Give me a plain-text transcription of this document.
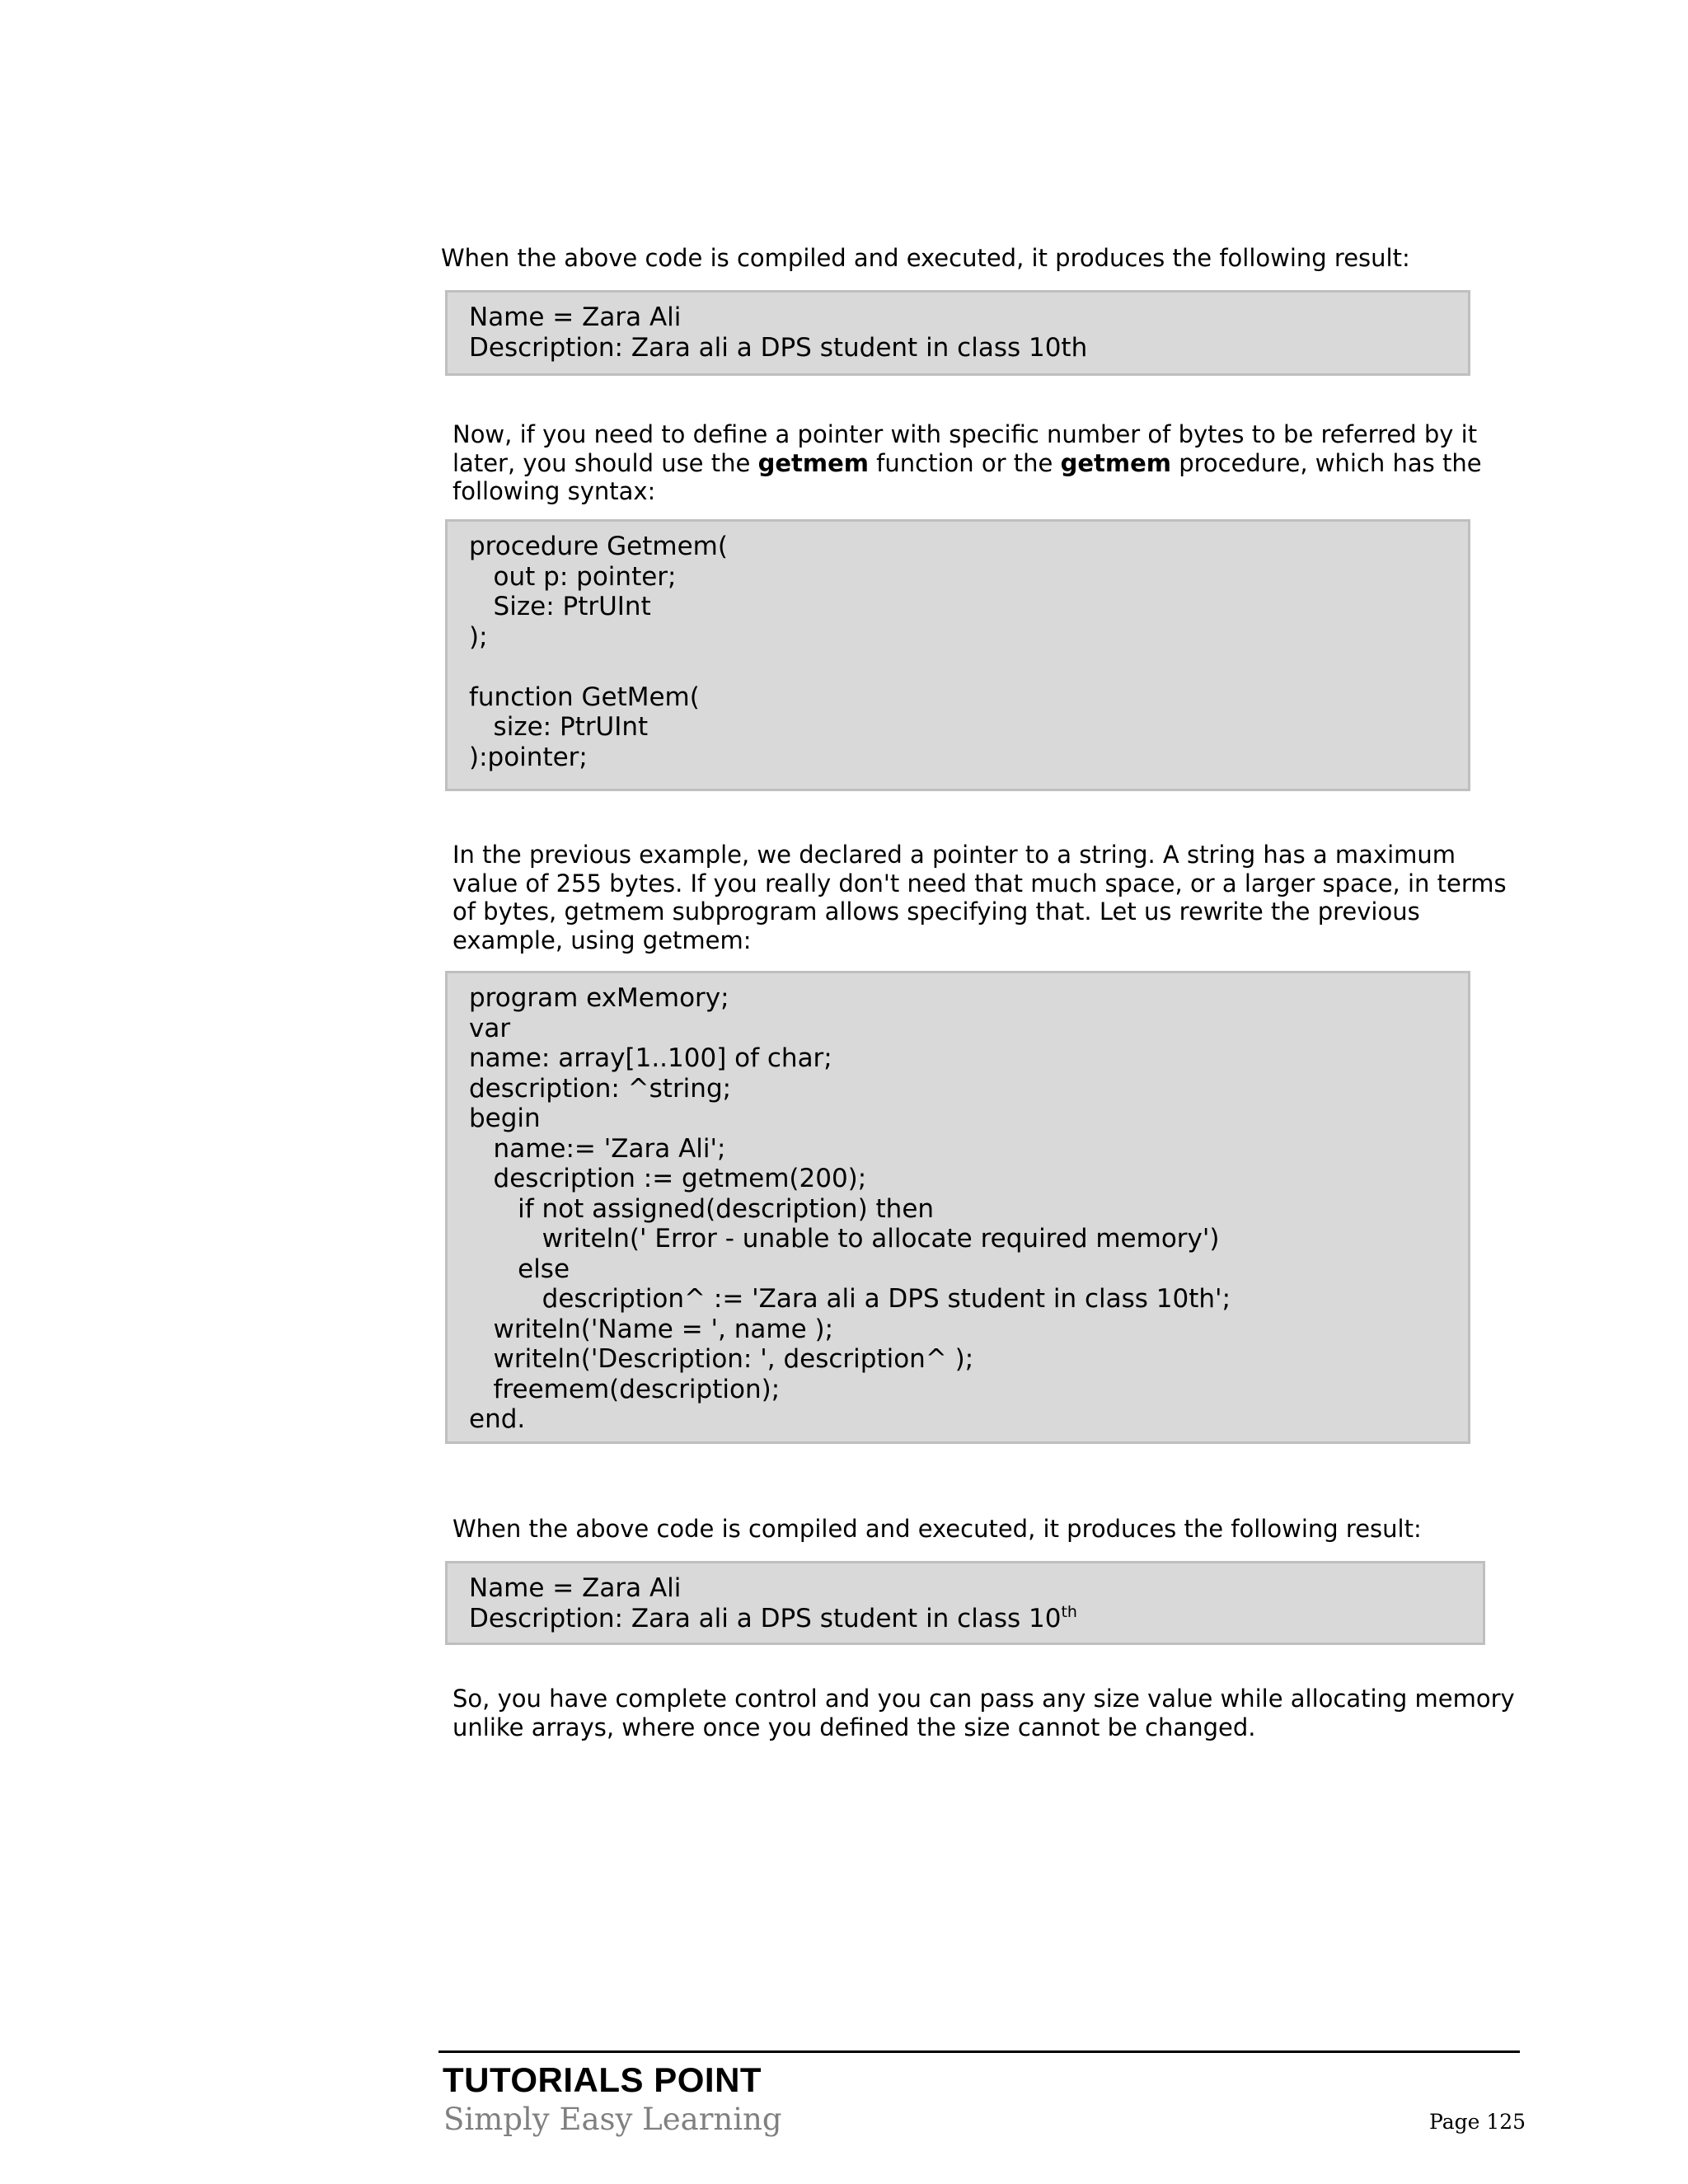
When the above code is compiled and executed, it produces the following result:

Name = Zara Ali
Description: Zara ali a DPS student in class 10th

Now, if you need to define a pointer with specific number of bytes to be referred by it
later, you should use the getmem function or the getmem procedure, which has the
following syntax:

procedure Getmem(
out p: pointer;
Size: PtrUInt
);
function GetMem(
size: PtrUInt
):pointer;

In the previous example, we declared a pointer to a string. A string has a maximum
value of 255 bytes. If you really don't need that much space, or a larger space, in terms
of bytes, getmem subprogram allows specifying that. Let us rewrite the previous
example, using getmem:

program exMemory;
var
name: array[1..100] of char;
description: ^string;
begin
name:= 'Zara Ali';
description := getmem(200);
if not assigned(description) then
writeln(' Error - unable to allocate required memory')
else
description^ := 'Zara ali a DPS student in class 10th';
writeln('Name = ', name );
writeln('Description: ', description^ );
freemem(description);
end.

When the above code is compiled and executed, it produces the following result:

Name = Zara Ali
Description: Zara ali a DPS student in class 10th

So, you have complete control and you can pass any size value while allocating memory
unlike arrays, where once you defined the size cannot be changed.

TUTORIALS POINT
Simply Easy Learning	Page 125
